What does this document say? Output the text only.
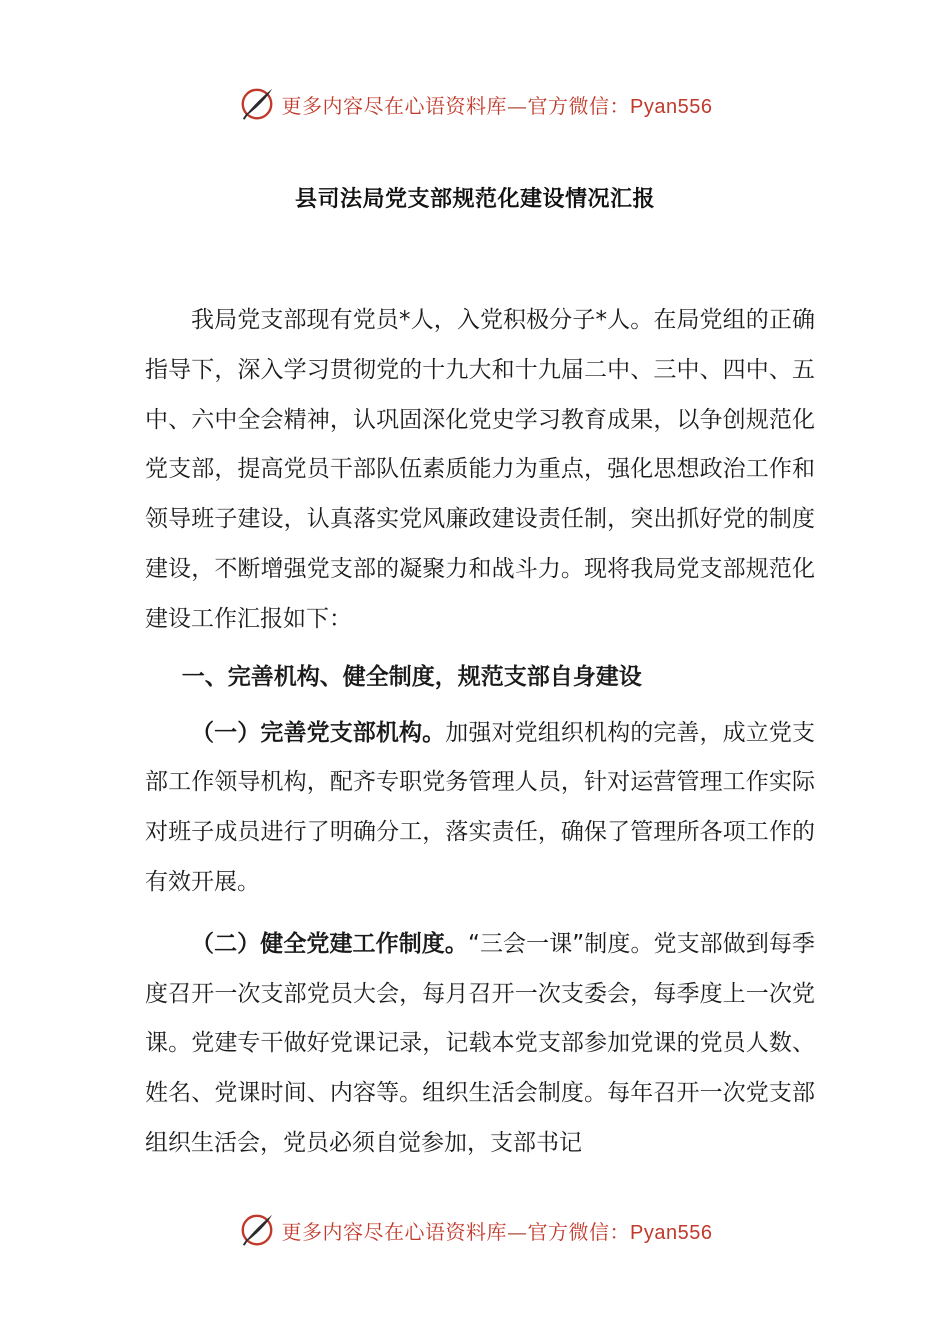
更多内容尽在心语资料库—官方微信：Pyan556
县司法局党支部规范化建设情况汇报

我局党支部现有党员*人，入党积极分子*人。在局党组的正确指导下，深入学习贯彻党的十九大和十九届二中、三中、四中、五中、六中全会精神，认巩固深化党史学习教育成果，以争创规范化党支部，提高党员干部队伍素质能力为重点，强化思想政治工作和领导班子建设，认真落实党风廉政建设责任制，突出抓好党的制度建设，不断增强党支部的凝聚力和战斗力。现将我局党支部规范化建设工作汇报如下：

一、完善机构、健全制度，规范支部自身建设

（一）完善党支部机构。加强对党组织机构的完善，成立党支部工作领导机构，配齐专职党务管理人员，针对运营管理工作实际对班子成员进行了明确分工，落实责任，确保了管理所各项工作的有效开展。

（二）健全党建工作制度。“三会一课”制度。党支部做到每季度召开一次支部党员大会，每月召开一次支委会，每季度上一次党课。党建专干做好党课记录，记载本党支部参加党课的党员人数、姓名、党课时间、内容等。组织生活会制度。每年召开一次党支部组织生活会，党员必须自觉参加，支部书记

更多内容尽在心语资料库—官方微信：Pyan556
